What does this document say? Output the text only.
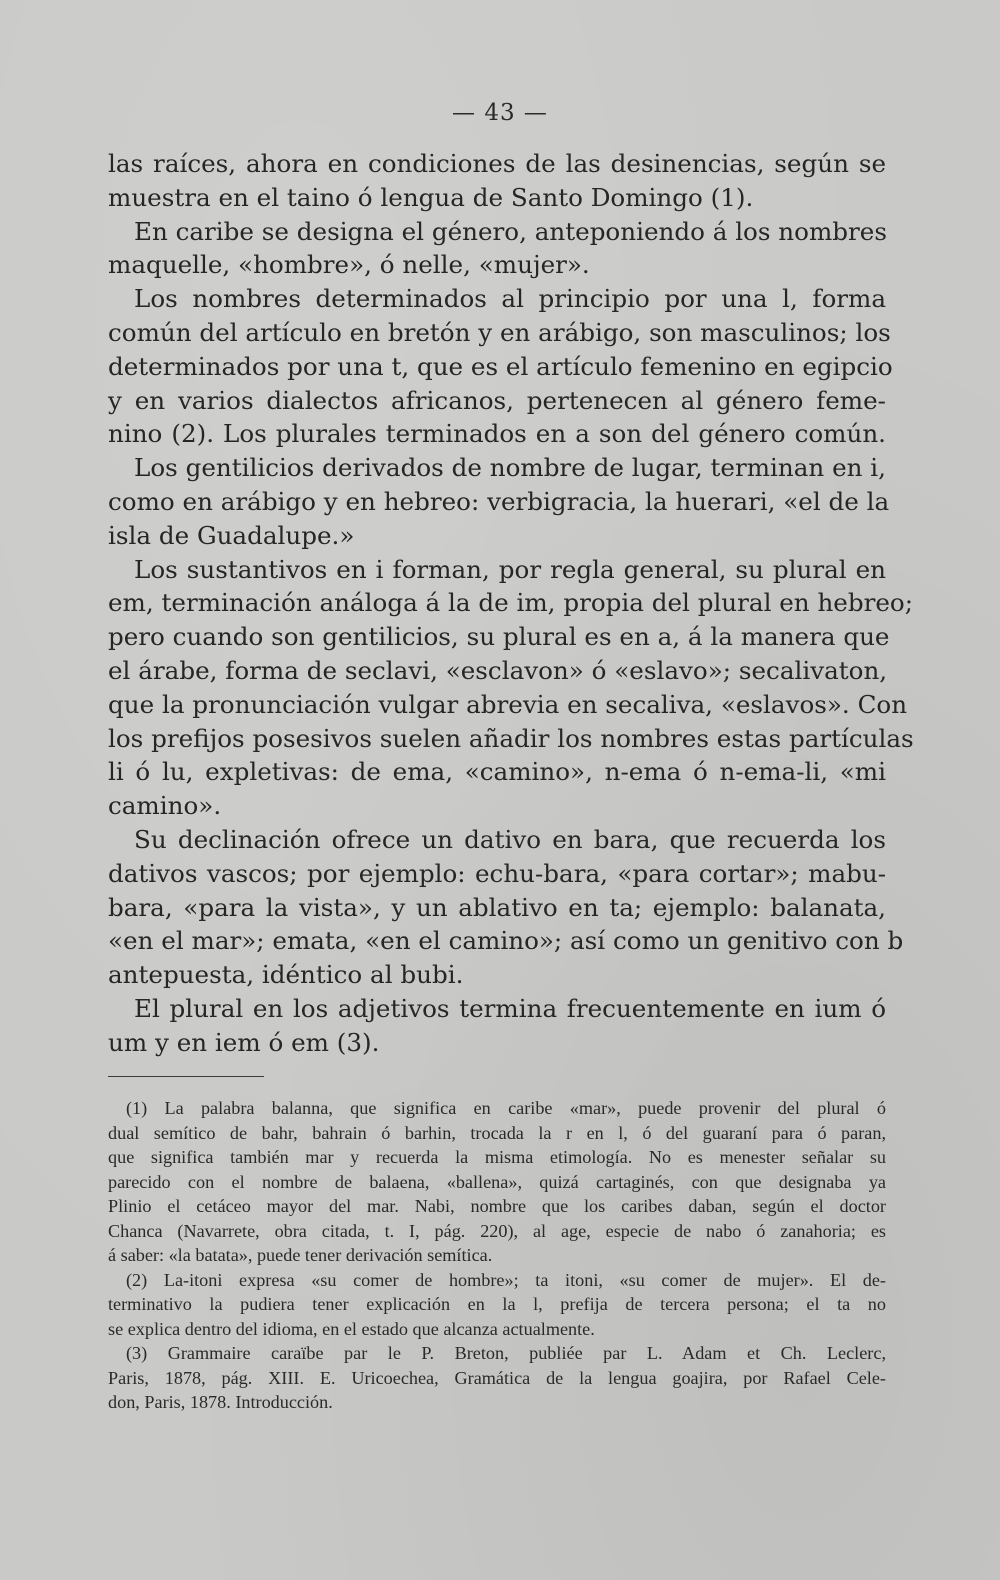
— 43 —
las raíces, ahora en condiciones de las desinencias, según se
muestra en el taino ó lengua de Santo Domingo (1).
En caribe se designa el género, anteponiendo á los nombres
maquelle, «hombre», ó nelle, «mujer».
Los nombres determinados al principio por una l, forma
común del artículo en bretón y en arábigo, son masculinos; los
determinados por una t, que es el artículo femenino en egipcio
y en varios dialectos africanos, pertenecen al género feme-
nino (2). Los plurales terminados en a son del género común.
Los gentilicios derivados de nombre de lugar, terminan en i,
como en arábigo y en hebreo: verbigracia, la huerari, «el de la
isla de Guadalupe.»
Los sustantivos en i forman, por regla general, su plural en
em, terminación análoga á la de im, propia del plural en hebreo;
pero cuando son gentilicios, su plural es en a, á la manera que
el árabe, forma de seclavi, «esclavon» ó «eslavo»; secalivaton,
que la pronunciación vulgar abrevia en secaliva, «eslavos». Con
los prefijos posesivos suelen añadir los nombres estas partículas
li ó lu, expletivas: de ema, «camino», n-ema ó n-ema-li, «mi
camino».
Su declinación ofrece un dativo en bara, que recuerda los
dativos vascos; por ejemplo: echu-bara, «para cortar»; mabu-
bara, «para la vista», y un ablativo en ta; ejemplo: balanata,
«en el mar»; emata, «en el camino»; así como un genitivo con b
antepuesta, idéntico al bubi.
El plural en los adjetivos termina frecuentemente en ium ó
um y en iem ó em (3).
(1) La palabra balanna, que significa en caribe «mar», puede provenir del plural ó
dual semítico de bahr, bahrain ó barhin, trocada la r en l, ó del guaraní para ó paran,
que significa también mar y recuerda la misma etimología. No es menester señalar su
parecido con el nombre de balaena, «ballena», quizá cartaginés, con que designaba ya
Plinio el cetáceo mayor del mar. Nabi, nombre que los caribes daban, según el doctor
Chanca (Navarrete, obra citada, t. I, pág. 220), al age, especie de nabo ó zanahoria; es
á saber: «la batata», puede tener derivación semítica.
(2) La-itoni expresa «su comer de hombre»; ta itoni, «su comer de mujer». El de-
terminativo la pudiera tener explicación en la l, prefija de tercera persona; el ta no
se explica dentro del idioma, en el estado que alcanza actualmente.
(3) Grammaire caraïbe par le P. Breton, publiée par L. Adam et Ch. Leclerc,
Paris, 1878, pág. XIII. E. Uricoechea, Gramática de la lengua goajira, por Rafael Cele-
don, Paris, 1878. Introducción.
